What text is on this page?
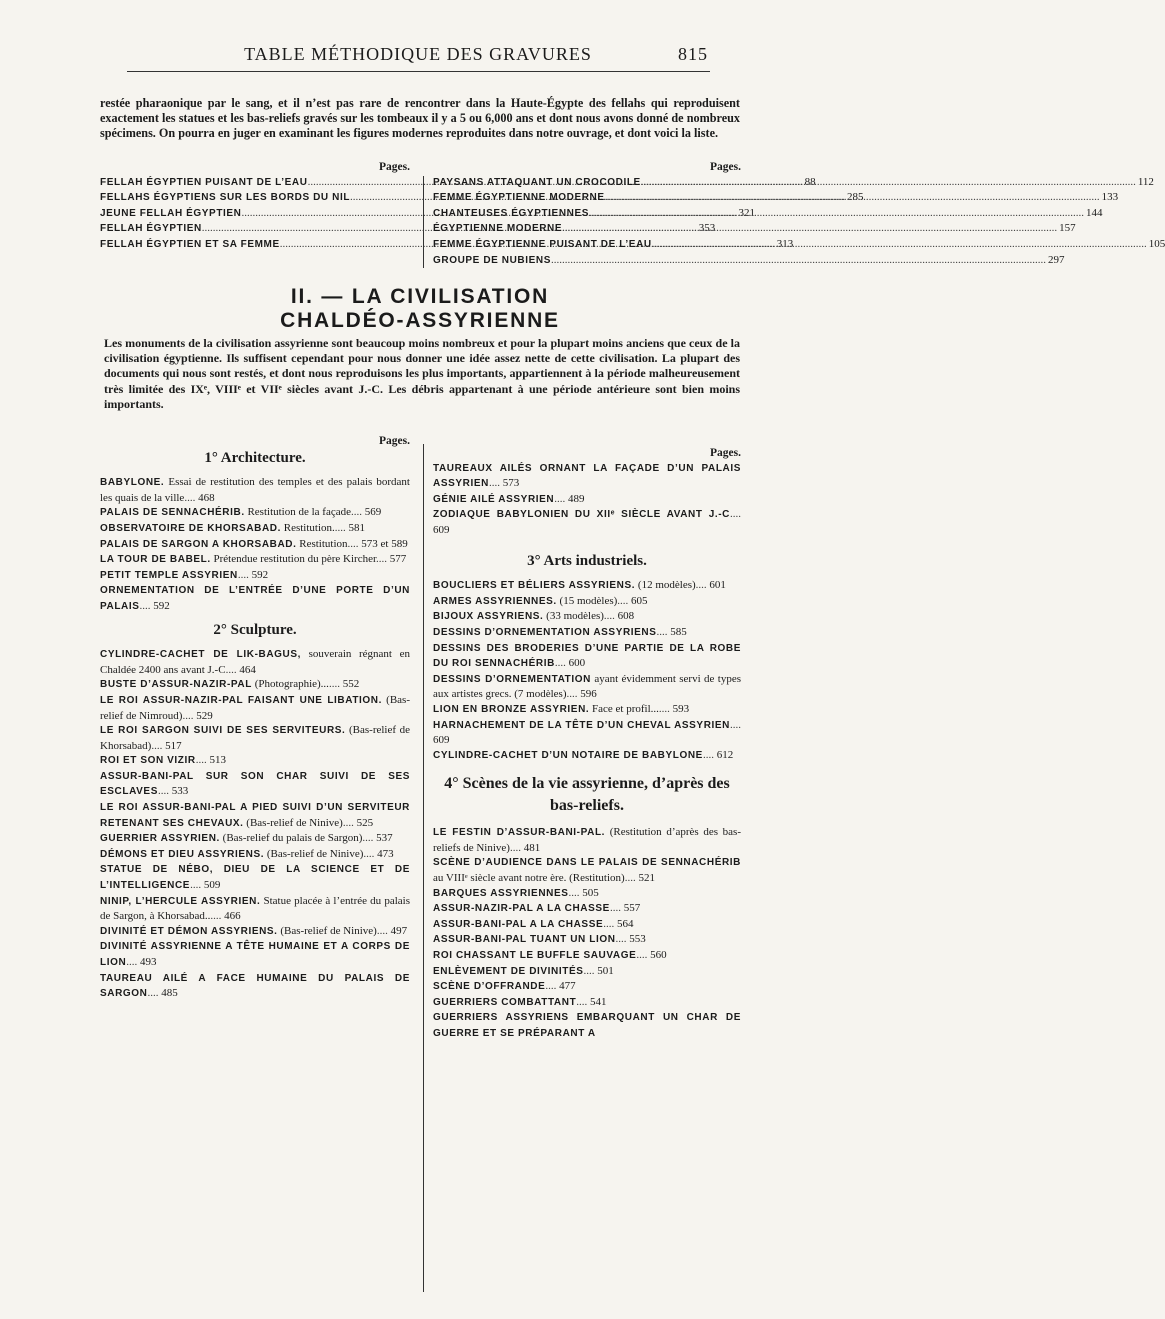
TABLE MÉTHODIQUE DES GRAVURES	815
restée pharaonique par le sang, et il n’est pas rare de rencontrer dans la Haute-Égypte des fellahs qui reproduisent exactement les statues et les bas-reliefs gravés sur les tombeaux il y a 5 ou 6,000 ans et dont nous avons donné de nombreux spécimens. On pourra en juger en examinant les figures modernes reproduites dans notre ouvrage, et dont voici la liste.
Pages.
FELLAH ÉGYPTIEN PUISANT DE L’EAU .....	88
FELLAHS ÉGYPTIENS SUR LES BORDS DU NIL .....	285
JEUNE FELLAH ÉGYPTIEN .....	321
FELLAH ÉGYPTIEN .....	353
FELLAH ÉGYPTIEN ET SA FEMME .....	313
Pages.
PAYSANS ATTAQUANT UN CROCODILE .....	112
FEMME ÉGYPTIENNE MODERNE .....	133
CHANTEUSES ÉGYPTIENNES .....	144
ÉGYPTIENNE MODERNE .....	157
FEMME ÉGYPTIENNE PUISANT DE L’EAU .....	105
GROUPE DE NUBIENS .....	297
II. — LA CIVILISATION CHALDÉO-ASSYRIENNE
Les monuments de la civilisation assyrienne sont beaucoup moins nombreux et pour la plupart moins anciens que ceux de la civilisation égyptienne. Ils suffisent cependant pour nous donner une idée assez nette de cette civilisation. La plupart des documents qui nous sont restés, et dont nous reproduisons les plus importants, appartiennent à la période malheureusement très limitée des IXᵉ, VIIIᵉ et VIIᵉ siècles avant J.-C. Les débris appartenant à une période antérieure sont bien moins importants.
Pages.
1° Architecture.
BABYLONE. Essai de restitution des temples et des palais bordant les quais de la ville.... 468
PALAIS DE SENNACHÉRIB. Restitution de la façade.... 569
OBSERVATOIRE DE KHORSABAD. Restitution..... 581
PALAIS DE SARGON A KHORSABAD. Restitution.... 573 et 589
LA TOUR DE BABEL. Prétendue restitution du père Kircher.... 577
PETIT TEMPLE ASSYRIEN.... 592
ORNEMENTATION DE L’ENTRÉE D’UNE PORTE D’UN PALAIS.... 592
2° Sculpture.
CYLINDRE-CACHET DE LIK-BAGUS, souverain régnant en Chaldée 2400 ans avant J.-C.... 464
BUSTE D’ASSUR-NAZIR-PAL (Photographie)....... 552
LE ROI ASSUR-NAZIR-PAL FAISANT UNE LIBATION. (Bas-relief de Nimroud).... 529
LE ROI SARGON SUIVI DE SES SERVITEURS. (Bas-relief de Khorsabad).... 517
ROI ET SON VIZIR.... 513
ASSUR-BANI-PAL SUR SON CHAR SUIVI DE SES ESCLAVES.... 533
LE ROI ASSUR-BANI-PAL A PIED SUIVI D’UN SERVITEUR RETENANT SES CHEVAUX. (Bas-relief de Ninive).... 525
GUERRIER ASSYRIEN. (Bas-relief du palais de Sargon).... 537
DÉMONS ET DIEU ASSYRIENS. (Bas-relief de Ninive).... 473
STATUE DE NÉBO, DIEU DE LA SCIENCE ET DE L’INTELLIGENCE.... 509
NINIP, L’HERCULE ASSYRIEN. Statue placée à l’entrée du palais de Sargon, à Khorsabad...... 466
DIVINITÉ ET DÉMON ASSYRIENS. (Bas-relief de Ninive).... 497
DIVINITÉ ASSYRIENNE A TÊTE HUMAINE ET A CORPS DE LION.... 493
TAUREAU AILÉ A FACE HUMAINE DU PALAIS DE SARGON.... 485
Pages.
TAUREAUX AILÉS ORNANT LA FAÇADE D’UN PALAIS ASSYRIEN.... 573
GÉNIE AILÉ ASSYRIEN.... 489
ZODIAQUE BABYLONIEN DU XIIᵉ SIÈCLE AVANT J.-C.... 609
3° Arts industriels.
BOUCLIERS ET BÉLIERS ASSYRIENS. (12 modèles).... 601
ARMES ASSYRIENNES. (15 modèles).... 605
BIJOUX ASSYRIENS. (33 modèles).... 608
DESSINS D’ORNEMENTATION ASSYRIENS.... 585
DESSINS DES BRODERIES D’UNE PARTIE DE LA ROBE DU ROI SENNACHÉRIB.... 600
DESSINS D’ORNEMENTATION ayant évidemment servi de types aux artistes grecs. (7 modèles).... 596
LION EN BRONZE ASSYRIEN. Face et profil....... 593
HARNACHEMENT DE LA TÊTE D’UN CHEVAL ASSYRIEN.... 609
CYLINDRE-CACHET D’UN NOTAIRE DE BABYLONE.... 612
4° Scènes de la vie assyrienne, d’après des bas-reliefs.
LE FESTIN D’ASSUR-BANI-PAL. (Restitution d’après des bas-reliefs de Ninive).... 481
SCÈNE D’AUDIENCE DANS LE PALAIS DE SENNACHÉRIB au VIIIᵉ siècle avant notre ère. (Restitution).... 521
BARQUES ASSYRIENNES.... 505
ASSUR-NAZIR-PAL A LA CHASSE.... 557
ASSUR-BANI-PAL A LA CHASSE.... 564
ASSUR-BANI-PAL TUANT UN LION.... 553
ROI CHASSANT LE BUFFLE SAUVAGE.... 560
ENLÈVEMENT DE DIVINITÉS.... 501
SCÈNE D’OFFRANDE.... 477
GUERRIERS COMBATTANT.... 541
GUERRIERS ASSYRIENS EMBARQUANT UN CHAR DE GUERRE ET SE PRÉPARANT A
